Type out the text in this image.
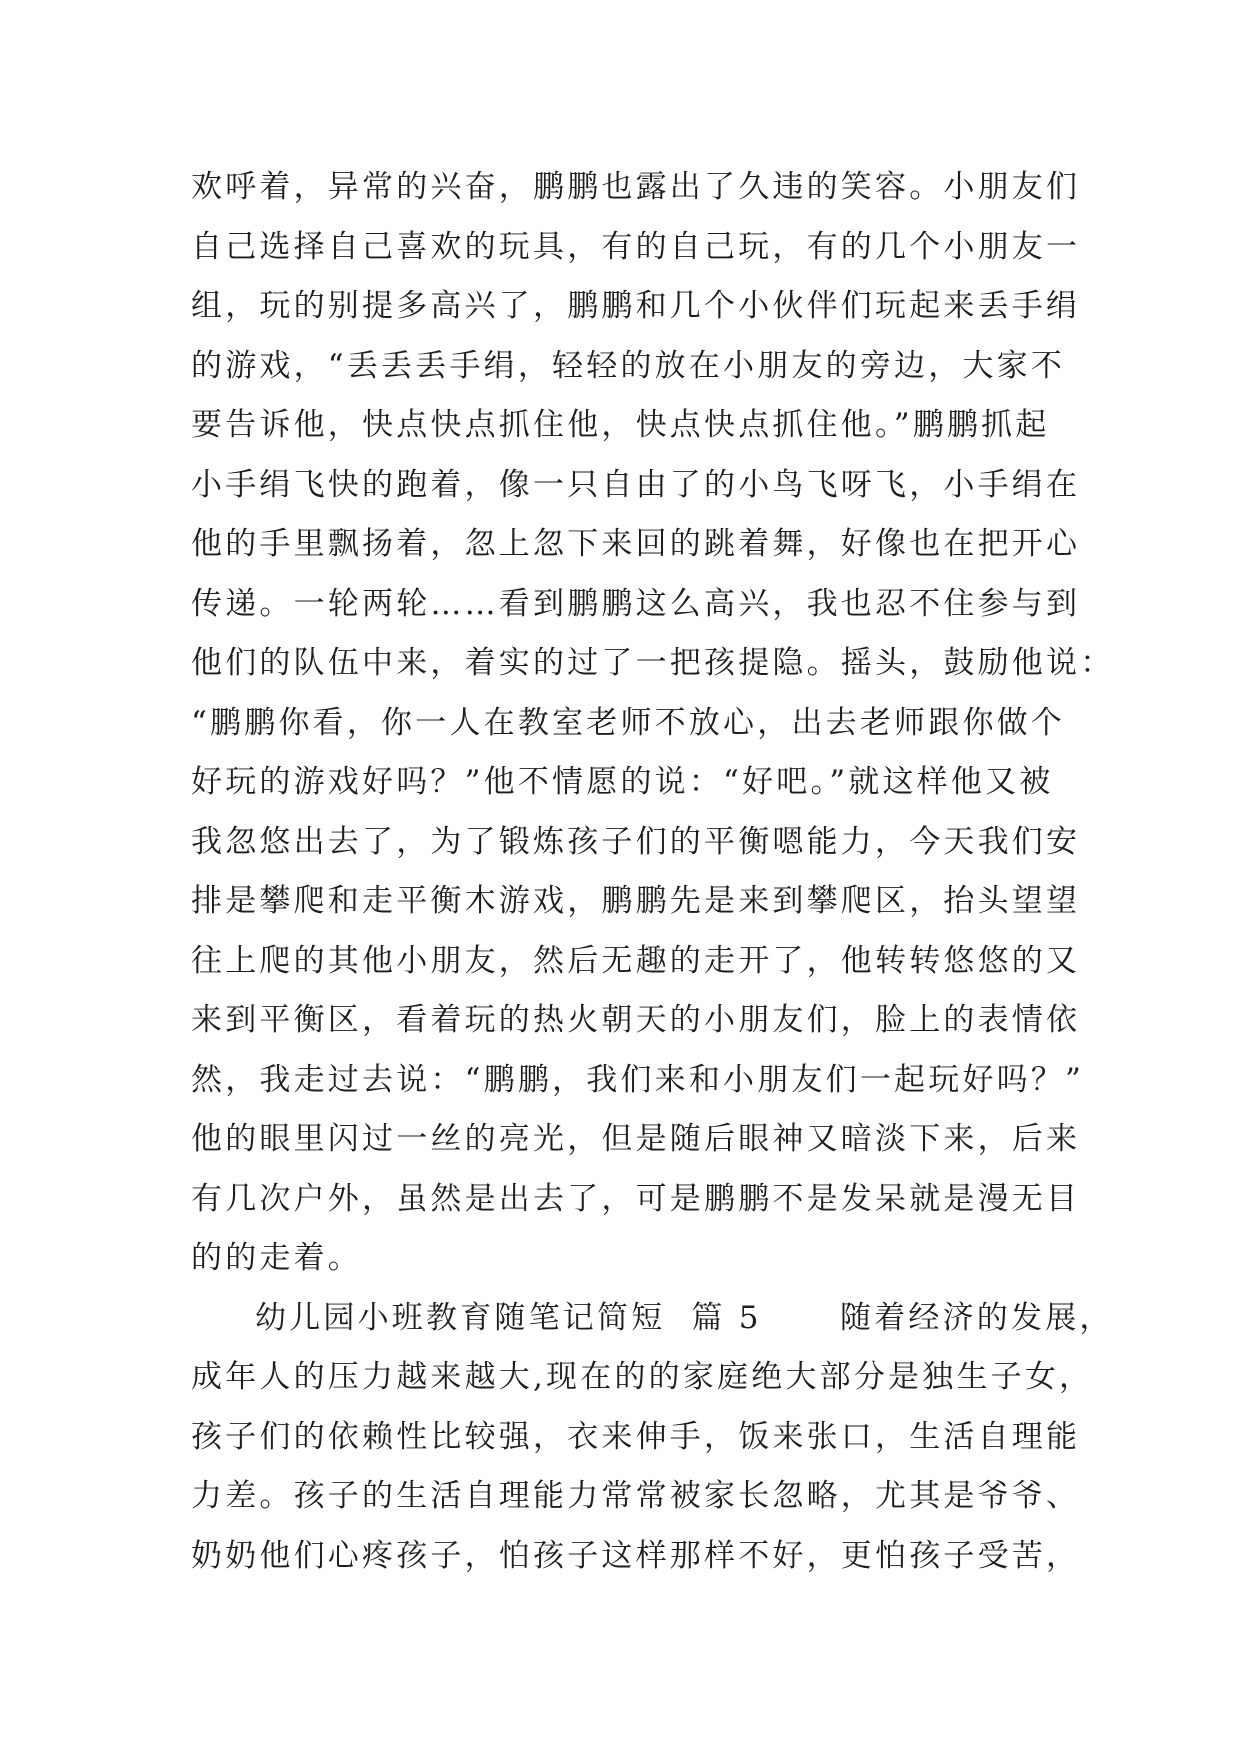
欢呼着，异常的兴奋，鹏鹏也露出了久违的笑容。小朋友们
自己选择自己喜欢的玩具，有的自己玩，有的几个小朋友一
组，玩的别提多高兴了，鹏鹏和几个小伙伴们玩起来丢手绢
的游戏，“丢丢丢手绢，轻轻的放在小朋友的旁边，大家不
要告诉他，快点快点抓住他，快点快点抓住他。”鹏鹏抓起
小手绢飞快的跑着，像一只自由了的小鸟飞呀飞，小手绢在
他的手里飘扬着，忽上忽下来回的跳着舞，好像也在把开心
传递。一轮两轮……看到鹏鹏这么高兴，我也忍不住参与到
他们的队伍中来，着实的过了一把孩提隐。摇头，鼓励他说：
“鹏鹏你看，你一人在教室老师不放心，出去老师跟你做个
好玩的游戏好吗？”他不情愿的说：“好吧。”就这样他又被
我忽悠出去了，为了锻炼孩子们的平衡嗯能力，今天我们安
排是攀爬和走平衡木游戏，鹏鹏先是来到攀爬区，抬头望望
往上爬的其他小朋友，然后无趣的走开了，他转转悠悠的又
来到平衡区，看着玩的热火朝天的小朋友们，脸上的表情依
然，我走过去说：“鹏鹏，我们来和小朋友们一起玩好吗？”
他的眼里闪过一丝的亮光，但是随后眼神又暗淡下来，后来
有几次户外，虽然是出去了，可是鹏鹏不是发呆就是漫无目
的的走着。
幼儿园小班教育随笔记简短  篇 5      随着经济的发展，
成年人的压力越来越大,现在的的家庭绝大部分是独生子女，
孩子们的依赖性比较强，衣来伸手，饭来张口，生活自理能
力差。孩子的生活自理能力常常被家长忽略，尤其是爷爷、
奶奶他们心疼孩子，怕孩子这样那样不好，更怕孩子受苦，
